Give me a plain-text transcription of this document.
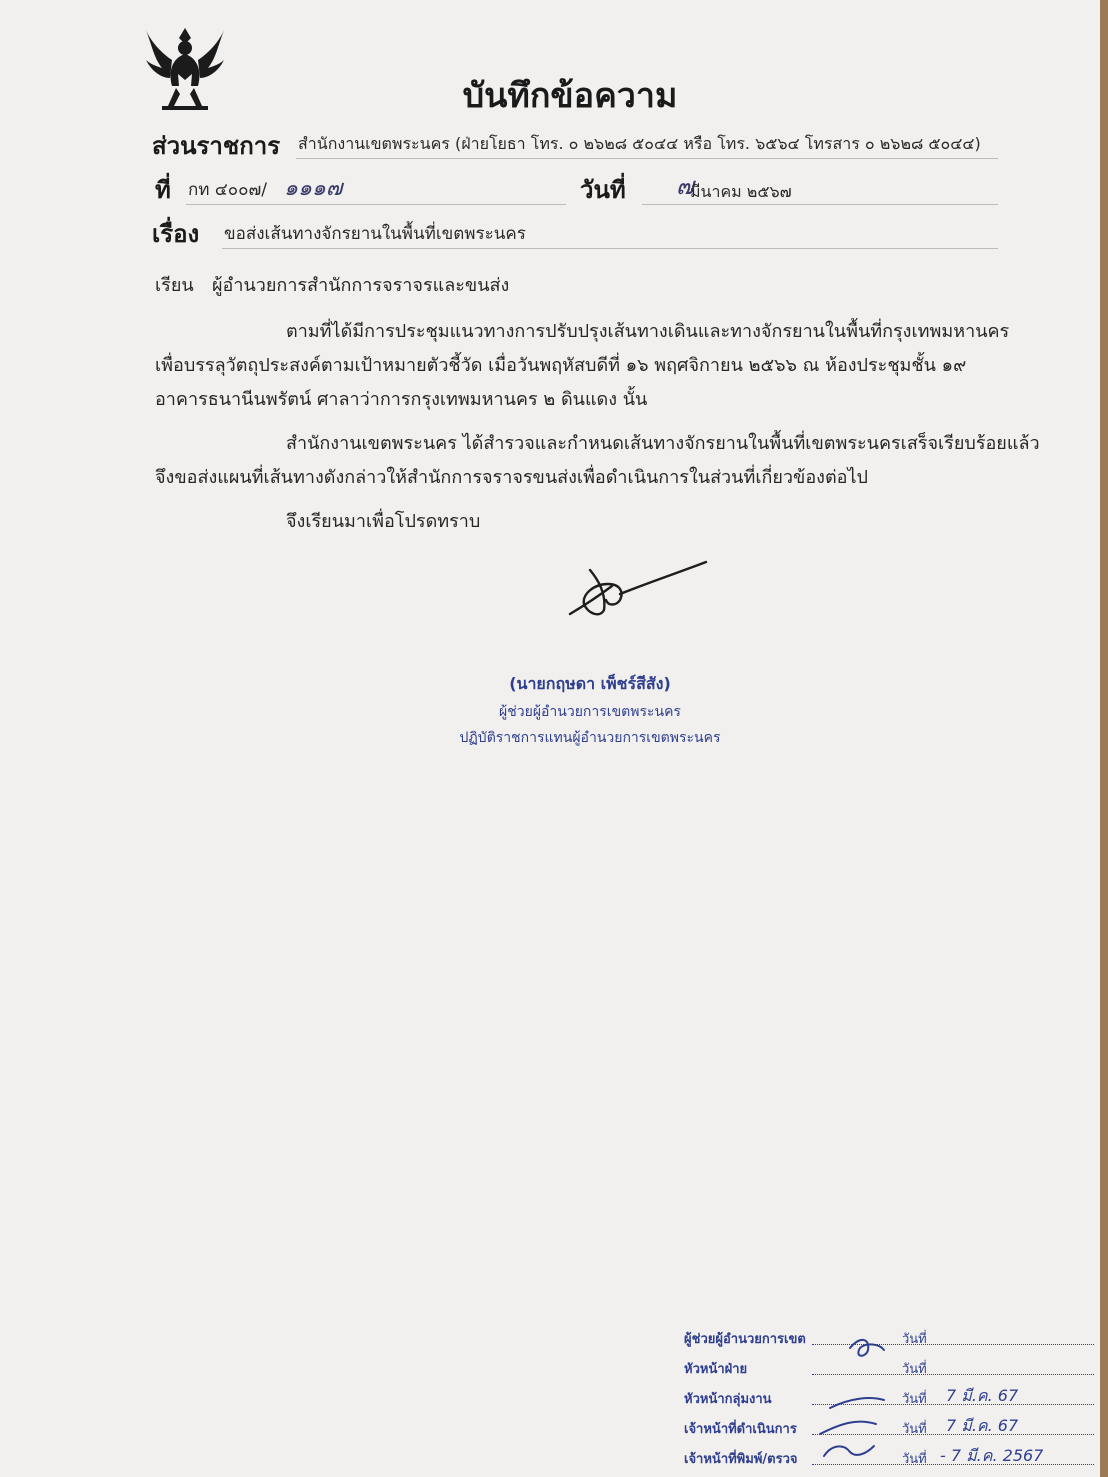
บันทึกข้อความ
ส่วนราชการ สำนักงานเขตพระนคร (ฝ่ายโยธา โทร. ๐ ๒๖๒๘ ๕๐๔๔ หรือ โทร. ๖๕๖๔ โทรสาร ๐ ๒๖๒๘ ๕๐๔๔)
ที่ กท ๔๐๐๗/ ๑๑๑๗	วันที่ ๗
มีนาคม ๒๕๖๗
เรื่อง ขอส่งเส้นทางจักรยานในพื้นที่เขตพระนคร
เรียน ผู้อำนวยการสำนักการจราจรและขนส่ง
ตามที่ได้มีการประชุมแนวทางการปรับปรุงเส้นทางเดินและทางจักรยานในพื้นที่กรุงเทพมหานคร
เพื่อบรรลุวัตถุประสงค์ตามเป้าหมายตัวชี้วัด เมื่อวันพฤหัสบดีที่ ๑๖ พฤศจิกายน ๒๕๖๖ ณ ห้องประชุมชั้น ๑๙
อาคารธนานีนพรัตน์ ศาลาว่าการกรุงเทพมหานคร ๒ ดินแดง นั้น
สำนักงานเขตพระนคร ได้สำรวจและกำหนดเส้นทางจักรยานในพื้นที่เขตพระนครเสร็จเรียบร้อยแล้ว
จึงขอส่งแผนที่เส้นทางดังกล่าวให้สำนักการจราจรขนส่งเพื่อดำเนินการในส่วนที่เกี่ยวข้องต่อไป
จึงเรียนมาเพื่อโปรดทราบ
(นายกฤษดา เพ็ชร์สีสัง)
ผู้ช่วยผู้อำนวยการเขตพระนคร
ปฏิบัติราชการแทนผู้อำนวยการเขตพระนคร
ผู้ช่วยผู้อำนวยการเขต	วันที่
หัวหน้าฝ่าย	วันที่
หัวหน้ากลุ่มงาน	วันที่ 7 มี.ค. 67
เจ้าหน้าที่ดำเนินการ	วันที่ 7 มี.ค. 67
เจ้าหน้าที่พิมพ์/ตรวจ	วันที่ - 7 มี.ค. 2567
